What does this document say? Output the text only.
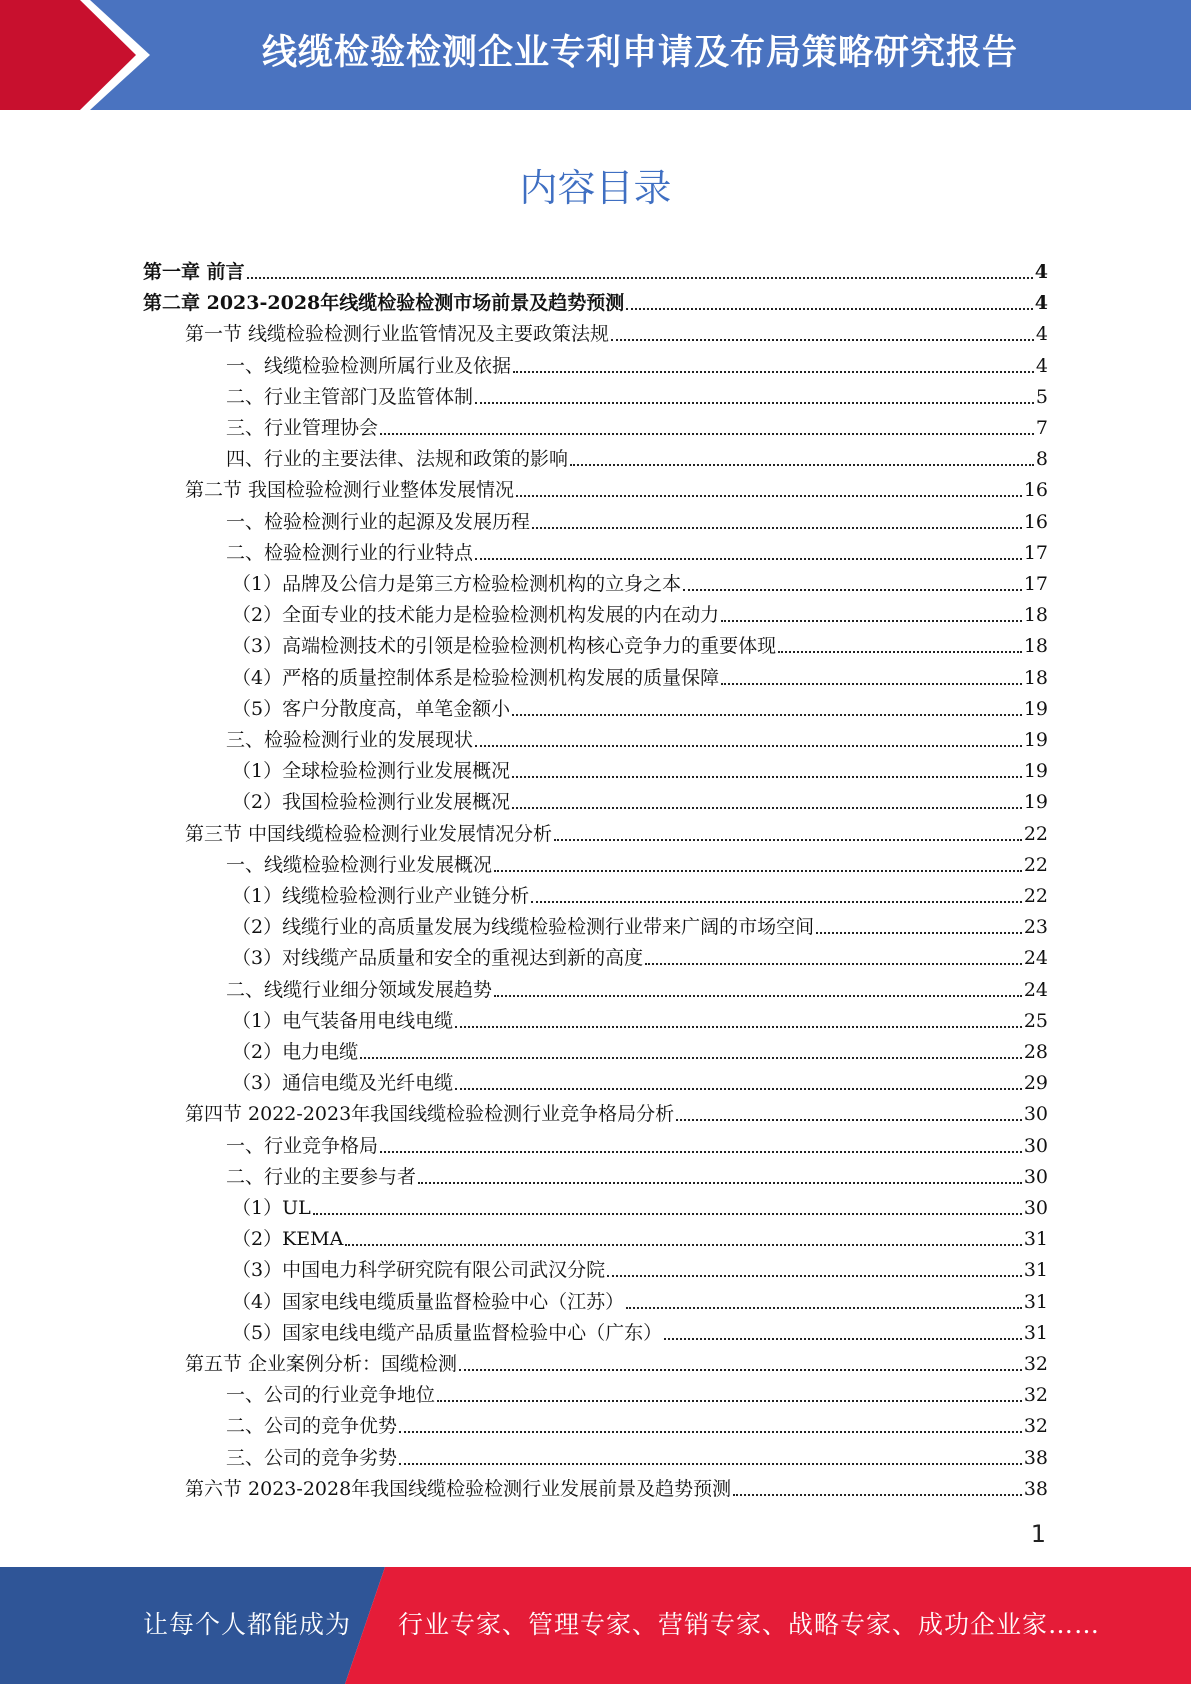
线缆检验检测企业专利申请及布局策略研究报告
内容目录
第一章 前言	4
第二章 2023-2028年线缆检验检测市场前景及趋势预测	4
第一节 线缆检验检测行业监管情况及主要政策法规	4
一、线缆检验检测所属行业及依据	4
二、行业主管部门及监管体制	5
三、行业管理协会	7
四、行业的主要法律、法规和政策的影响	8
第二节 我国检验检测行业整体发展情况	16
一、检验检测行业的起源及发展历程	16
二、检验检测行业的行业特点	17
（1）品牌及公信力是第三方检验检测机构的立身之本	17
（2）全面专业的技术能力是检验检测机构发展的内在动力	18
（3）高端检测技术的引领是检验检测机构核心竞争力的重要体现	18
（4）严格的质量控制体系是检验检测机构发展的质量保障	18
（5）客户分散度高，单笔金额小	19
三、检验检测行业的发展现状	19
（1）全球检验检测行业发展概况	19
（2）我国检验检测行业发展概况	19
第三节 中国线缆检验检测行业发展情况分析	22
一、线缆检验检测行业发展概况	22
（1）线缆检验检测行业产业链分析	22
（2）线缆行业的高质量发展为线缆检验检测行业带来广阔的市场空间	23
（3）对线缆产品质量和安全的重视达到新的高度	24
二、线缆行业细分领域发展趋势	24
（1）电气装备用电线电缆	25
（2）电力电缆	28
（3）通信电缆及光纤电缆	29
第四节 2022-2023年我国线缆检验检测行业竞争格局分析	30
一、行业竞争格局	30
二、行业的主要参与者	30
（1）UL	30
（2）KEMA	31
（3）中国电力科学研究院有限公司武汉分院	31
（4）国家电线电缆质量监督检验中心（江苏）	31
（5）国家电线电缆产品质量监督检验中心（广东）	31
第五节 企业案例分析：国缆检测	32
一、公司的行业竞争地位	32
二、公司的竞争优势	32
三、公司的竞争劣势	38
第六节 2023-2028年我国线缆检验检测行业发展前景及趋势预测	38
1
让每个人都能成为 行业专家、管理专家、营销专家、战略专家、成功企业家……
